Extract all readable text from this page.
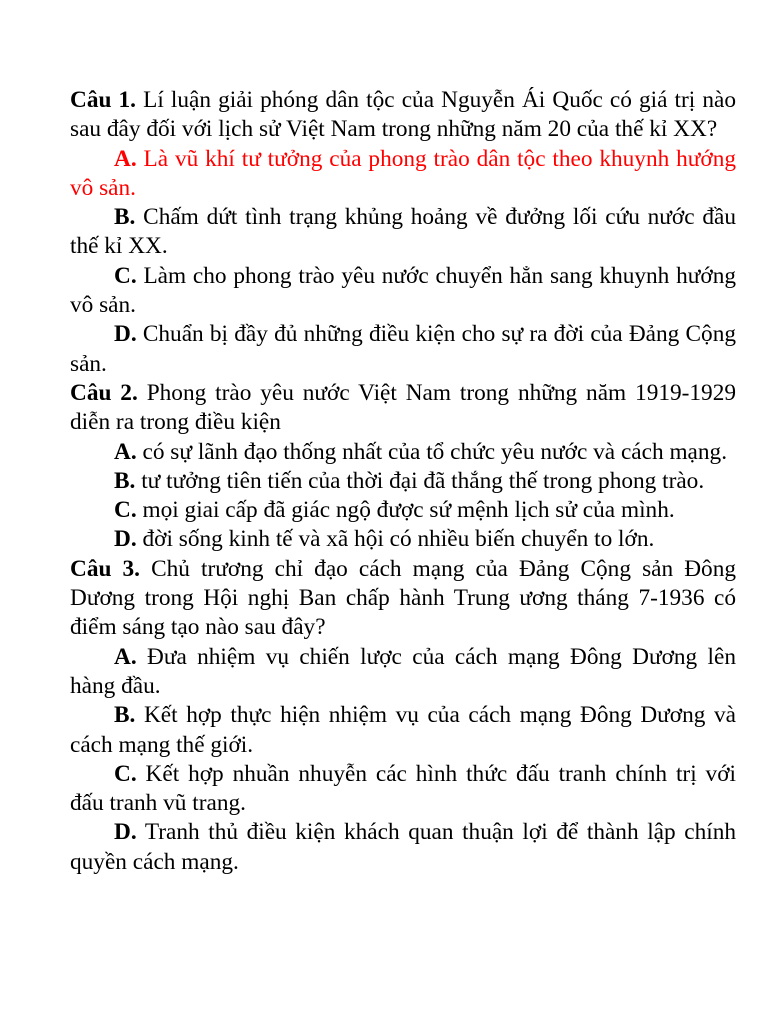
Câu 1. Lí luận giải phóng dân tộc của Nguyễn Ái Quốc có giá trị nào sau đây đối với lịch sử Việt Nam trong những năm 20 của thế kỉ XX?

A. Là vũ khí tư tưởng của phong trào dân tộc theo khuynh hướng vô sản.

B. Chấm dứt tình trạng khủng hoảng về đưởng lối cứu nước đầu thế kỉ XX.

C. Làm cho phong trào yêu nước chuyển hẳn sang khuynh hướng vô sản.

D. Chuẩn bị đầy đủ những điều kiện cho sự ra đời của Đảng Cộng sản.

Câu 2. Phong trào yêu nước Việt Nam trong những năm 1919-1929 diễn ra trong điều kiện

A. có sự lãnh đạo thống nhất của tổ chức yêu nước và cách mạng.

B. tư tưởng tiên tiến của thời đại đã thắng thế trong phong trào.

C. mọi giai cấp đã giác ngộ được sứ mệnh lịch sử của mình.

D. đời sống kinh tế và xã hội có nhiều biến chuyển to lớn.

Câu 3. Chủ trương chỉ đạo cách mạng của Đảng Cộng sản Đông Dương trong Hội nghị Ban chấp hành Trung ương tháng 7-1936 có điểm sáng tạo nào sau đây?

A. Đưa nhiệm vụ chiến lược của cách mạng Đông Dương lên hàng đầu.

B. Kết hợp thực hiện nhiệm vụ của cách mạng Đông Dương và cách mạng thế giới.

C. Kết hợp nhuần nhuyễn các hình thức đấu tranh chính trị với đấu tranh vũ trang.

D. Tranh thủ điều kiện khách quan thuận lợi để thành lập chính quyền cách mạng.
